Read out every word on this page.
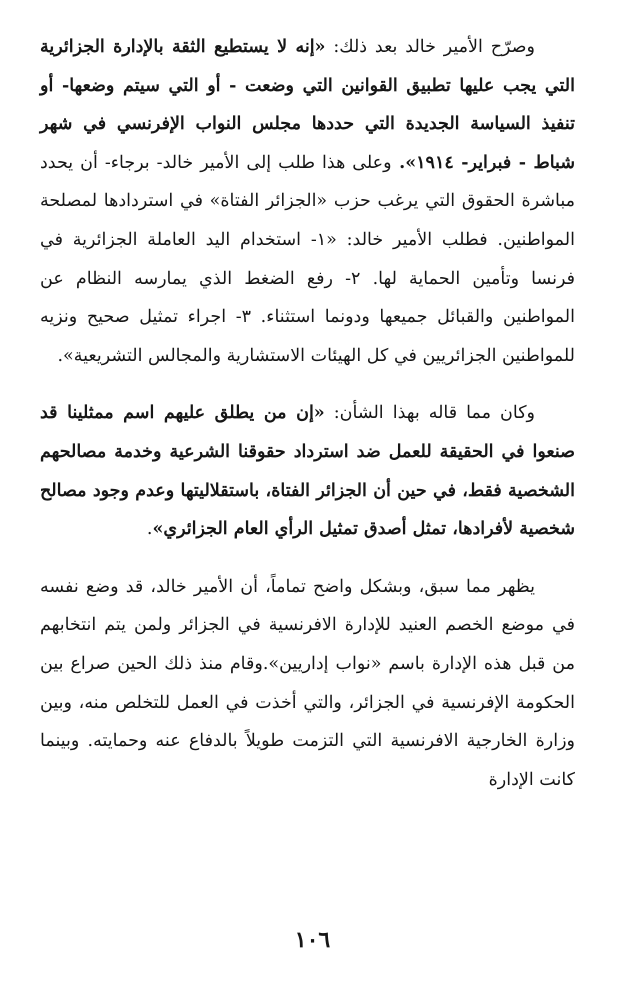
وصرّح الأمير خالد بعد ذلك: «إنه لا يستطيع الثقة بالإدارة الجزائرية التي يجب عليها تطبيق القوانين التي وضعت - أو التي سيتم وضعها- أو تنفيذ السياسة الجديدة التي حددها مجلس النواب الإفرنسي في شهر شباط - فبراير- ١٩١٤». وعلى هذا طلب إلى الأمير خالد- برجاء- أن يحدد مباشرة الحقوق التي يرغب حزب «الجزائر الفتاة» في استردادها لمصلحة المواطنين. فطلب الأمير خالد: «١- استخدام اليد العاملة الجزائرية في فرنسا وتأمين الحماية لها. ٢- رفع الضغط الذي يمارسه النظام عن المواطنين والقبائل جميعها ودونما استثناء. ٣- اجراء تمثيل صحيح ونزيه للمواطنين الجزائريين في كل الهيئات الاستشارية والمجالس التشريعية».

وكان مما قاله بهذا الشأن: «إن من يطلق عليهم اسم ممثلينا قد صنعوا في الحقيقة للعمل ضد استرداد حقوقنا الشرعية وخدمة مصالحهم الشخصية فقط، في حين أن الجزائر الفتاة، باستقلاليتها وعدم وجود مصالح شخصية لأفرادها، تمثل أصدق تمثيل الرأي العام الجزائري».

يظهر مما سبق، وبشكل واضح تماماً، أن الأمير خالد، قد وضع نفسه في موضع الخصم العنيد للإدارة الافرنسية في الجزائر ولمن يتم انتخابهم من قبل هذه الإدارة باسم «نواب إداريين».وقام منذ ذلك الحين صراع بين الحكومة الإفرنسية في الجزائر، والتي أخذت في العمل للتخلص منه، وبين وزارة الخارجية الافرنسية التي التزمت طويلاً بالدفاع عنه وحمايته. وبينما كانت الإدارة

١٠٦
